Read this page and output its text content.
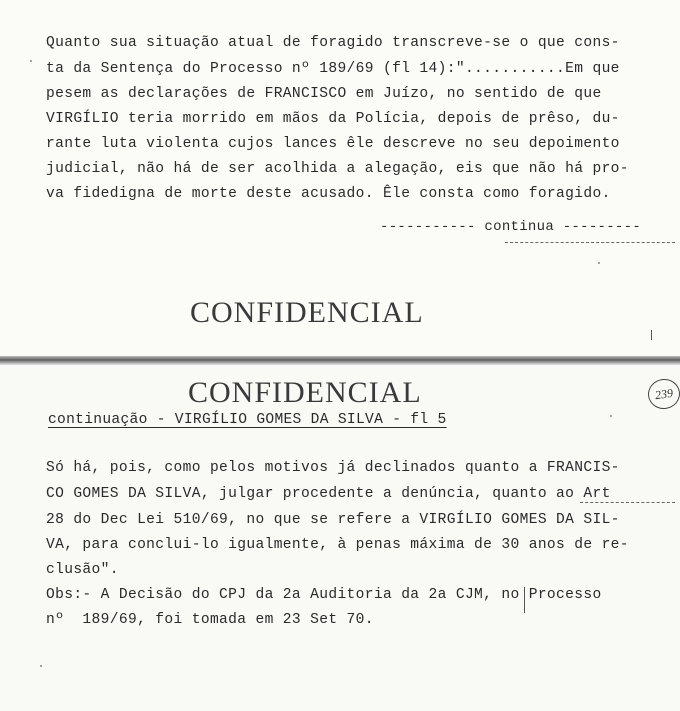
Quanto sua situação atual de foragido transcreve-se o que cons-
ta da Sentença do Processo nº 189/69 (fl 14):"...........Em que
pesem as declarações de FRANCISCO em Juízo, no sentido de que
VIRGÍLIO teria morrido em mãos da Polícia, depois de prêso, du-
rante luta violenta cujos lances êle descreve no seu depoimento
judicial, não há de ser acolhida a alegação, eis que não há pro-
va fidedigna de morte deste acusado. Êle consta como foragido.
----------- continua ---------
CONFIDENCIAL
CONFIDENCIAL	239
continuação - VIRGÍLIO GOMES DA SILVA - fl 5
Só há, pois, como pelos motivos já declinados quanto a FRANCIS-
CO GOMES DA SILVA, julgar procedente a denúncia, quanto ao Art
28 do Dec Lei 510/69, no que se refere a VIRGÍLIO GOMES DA SIL-
VA, para conclui-lo igualmente, à penas máxima de 30 anos de re-
clusão".
Obs:- A Decisão do CPJ da 2a Auditoria da 2a CJM, no Processo
nº  189/69, foi tomada em 23 Set 70.
